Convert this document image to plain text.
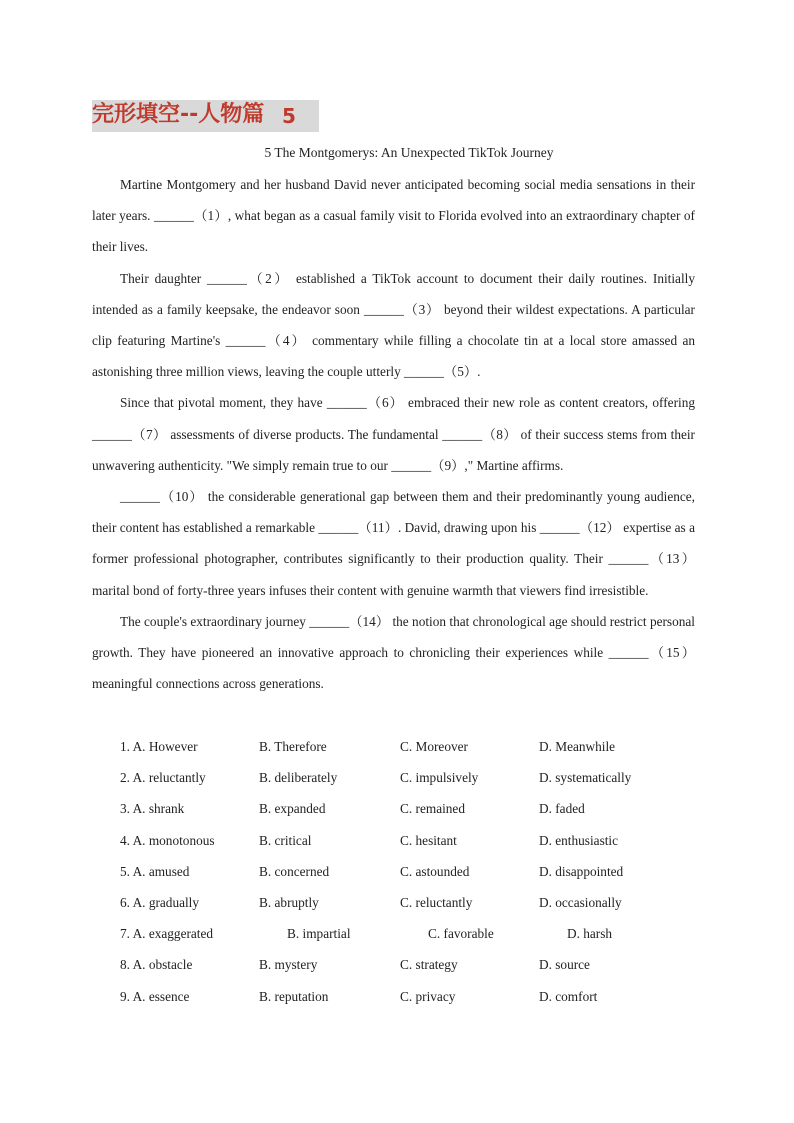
完形填空--人物篇 5
5 The Montgomerys: An Unexpected TikTok Journey

Martine Montgomery and her husband David never anticipated becoming social media sensations in their later years. ______（1）, what began as a casual family visit to Florida evolved into an extraordinary chapter of their lives.

Their daughter ______（2） established a TikTok account to document their daily routines. Initially intended as a family keepsake, the endeavor soon ______（3） beyond their wildest expectations. A particular clip featuring Martine's ______（4） commentary while filling a chocolate tin at a local store amassed an astonishing three million views, leaving the couple utterly ______（5）.

Since that pivotal moment, they have ______（6） embraced their new role as content creators, offering ______（7） assessments of diverse products. The fundamental ______（8） of their success stems from their unwavering authenticity. "We simply remain true to our ______（9）," Martine affirms.

______（10） the considerable generational gap between them and their predominantly young audience, their content has established a remarkable ______（11）. David, drawing upon his ______（12） expertise as a former professional photographer, contributes significantly to their production quality. Their ______（13） marital bond of forty-three years infuses their content with genuine warmth that viewers find irresistible.

The couple's extraordinary journey ______（14） the notion that chronological age should restrict personal growth. They have pioneered an innovative approach to chronicling their experiences while ______（15） meaningful connections across generations.

1. A. However	B. Therefore	C. Moreover	D. Meanwhile
2. A. reluctantly	B. deliberately	C. impulsively	D. systematically
3. A. shrank	B. expanded	C. remained	D. faded
4. A. monotonous	B. critical	C. hesitant	D. enthusiastic
5. A. amused	B. concerned	C. astounded	D. disappointed
6. A. gradually	B. abruptly	C. reluctantly	D. occasionally
7. A. exaggerated	B. impartial	C. favorable	D. harsh
8. A. obstacle	B. mystery	C. strategy	D. source
9. A. essence	B. reputation	C. privacy	D. comfort
